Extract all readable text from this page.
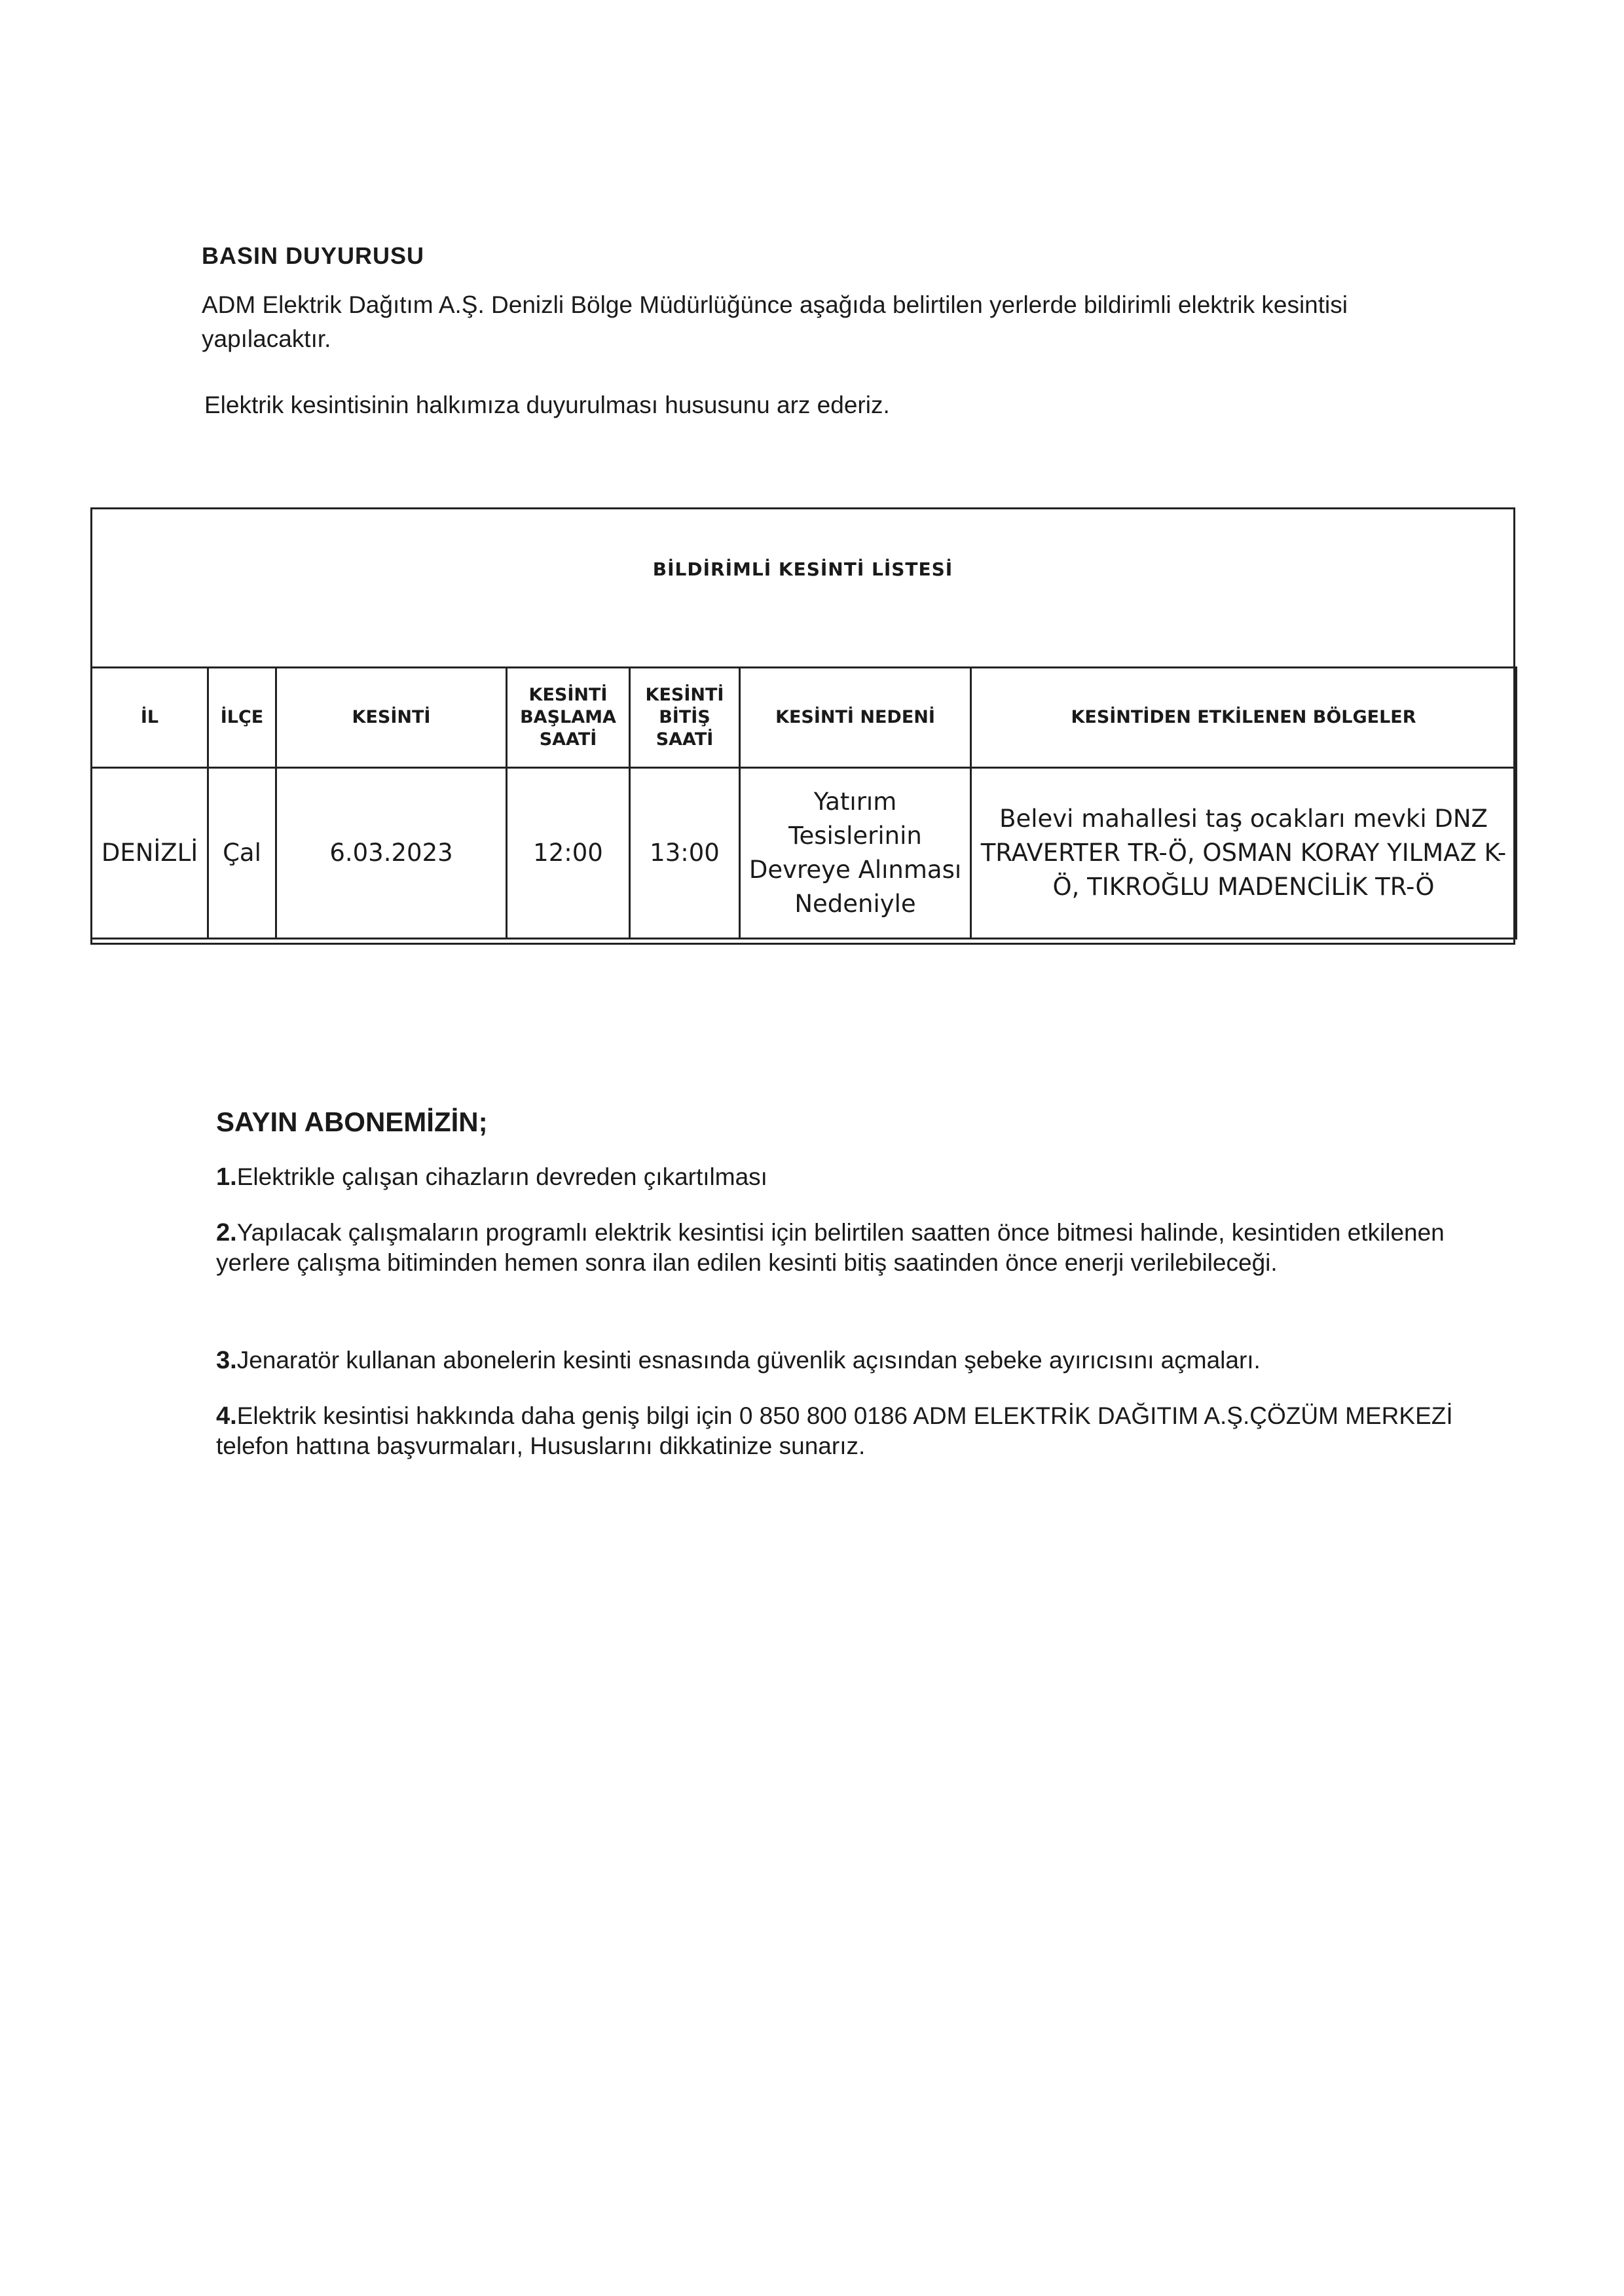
BASIN DUYURUSU
ADM Elektrik Dağıtım A.Ş. Denizli Bölge Müdürlüğünce aşağıda belirtilen yerlerde bildirimli elektrik kesintisi yapılacaktır.
Elektrik kesintisinin halkımıza duyurulması hususunu arz ederiz.
BİLDİRİMLİ KESİNTİ LİSTESİ
İL	İLÇE	KESİNTİ	KESİNTİ BAŞLAMA SAATİ	KESİNTİ BİTİŞ SAATİ	KESİNTİ NEDENİ	KESİNTİDEN ETKİLENEN BÖLGELER
DENİZLİ	Çal	6.03.2023	12:00	13:00	Yatırım Tesislerinin Devreye Alınması Nedeniyle	Belevi mahallesi taş ocakları mevki DNZ TRAVERTER TR-Ö, OSMAN KORAY YILMAZ K-Ö, TIKROĞLU MADENCİLİK TR-Ö
SAYIN ABONEMİZİN;
1.Elektrikle çalışan cihazların devreden çıkartılması
2.Yapılacak çalışmaların programlı elektrik kesintisi için belirtilen saatten önce bitmesi halinde, kesintiden etkilenen yerlere çalışma bitiminden hemen sonra ilan edilen kesinti bitiş saatinden önce enerji verilebileceği.
3.Jenaratör kullanan abonelerin kesinti esnasında güvenlik açısından şebeke ayırıcısını açmaları.
4.Elektrik kesintisi hakkında daha geniş bilgi için 0 850 800 0186 ADM ELEKTRİK DAĞITIM A.Ş.ÇÖZÜM MERKEZİ telefon hattına başvurmaları, Hususlarını dikkatinize sunarız.
